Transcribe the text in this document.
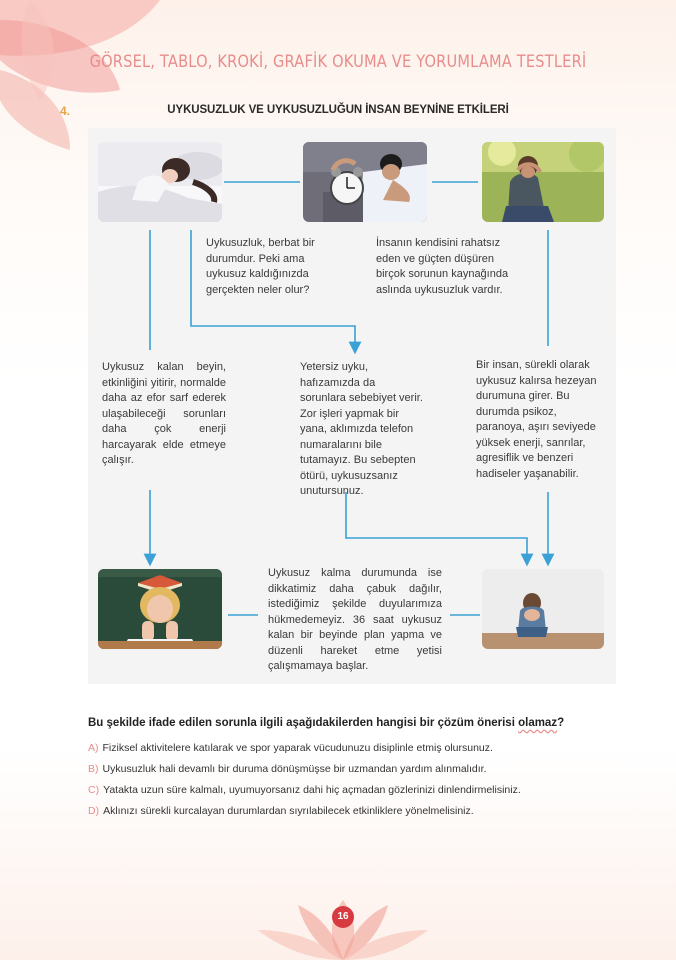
GÖRSEL, TABLO, KROKİ, GRAFİK OKUMA VE YORUMLAMA TESTLERİ
4.	UYKUSUZLUK VE UYKUSUZLUĞUN İNSAN BEYNİNE ETKİLERİ
Uykusuzluk, berbat bir durumdur. Peki ama uykusuz kaldığınızda gerçekten neler olur?
İnsanın kendisini rahatsız eden ve güçten düşüren birçok sorunun kaynağında aslında uykusuzluk vardır.
Uykusuz kalan beyin, etkinliğini yitirir, normalde daha az efor sarf ederek ulaşabileceği sorunları daha çok enerji harcayarak elde etmeye çalışır.
Yetersiz uyku, hafızamızda da sorunlara sebebiyet verir. Zor işleri yapmak bir yana, aklımızda telefon numaralarını bile tutamayız. Bu sebepten ötürü, uykusuzsanız unutursunuz.
Bir insan, sürekli olarak uykusuz kalırsa hezeyan durumuna girer. Bu durumda psikoz, paranoya, aşırı seviyede yüksek enerji, sanrılar, agresiflik ve benzeri hadiseler yaşanabilir.
Uykusuz kalma durumunda ise dikkatimiz daha çabuk dağılır, istediğimiz şekilde duyularımıza hükmedemeyiz. 36 saat uykusuz kalan bir beyinde plan yapma ve düzenli hareket etme yetisi çalışmamaya başlar.
Bu şekilde ifade edilen sorunla ilgili aşağıdakilerden hangisi bir çözüm önerisi olamaz?
A) Fiziksel aktivitelere katılarak ve spor yaparak vücudunuzu disiplinle etmiş olursunuz.
B) Uykusuzluk hali devamlı bir duruma dönüşmüşse bir uzmandan yardım alınmalıdır.
C) Yatakta uzun süre kalmalı, uyumuyorsanız dahi hiç açmadan gözlerinizi dinlendirmelisiniz.
D) Aklınızı sürekli kurcalayan durumlardan sıyrılabilecek etkinliklere yönelmelisiniz.
16
